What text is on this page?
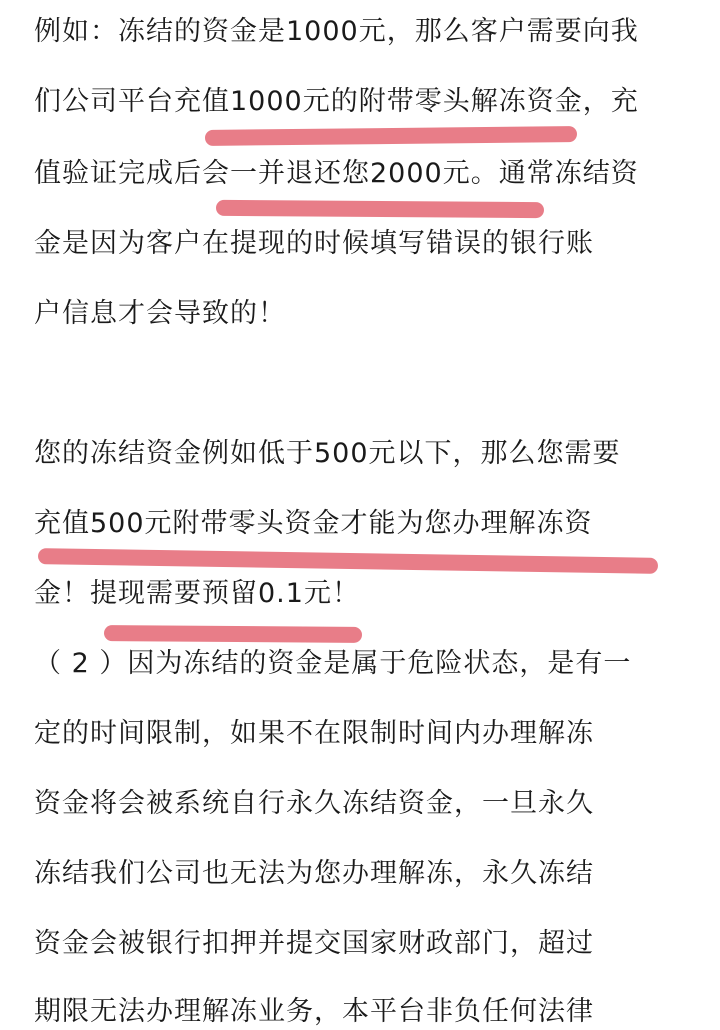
例如：冻结的资金是1000元，那么客户需要向我
们公司平台充值1000元的附带零头解冻资金，充
值验证完成后会一并退还您2000元。通常冻结资
金是因为客户在提现的时候填写错误的银行账
户信息才会导致的！
您的冻结资金例如低于500元以下，那么您需要
充值500元附带零头资金才能为您办理解冻资
金！提现需要预留0.1元！
（ 2 ）因为冻结的资金是属于危险状态，是有一
定的时间限制，如果不在限制时间内办理解冻
资金将会被系统自行永久冻结资金，一旦永久
冻结我们公司也无法为您办理解冻，永久冻结
资金会被银行扣押并提交国家财政部门，超过
期限无法办理解冻业务，本平台非负任何法律
